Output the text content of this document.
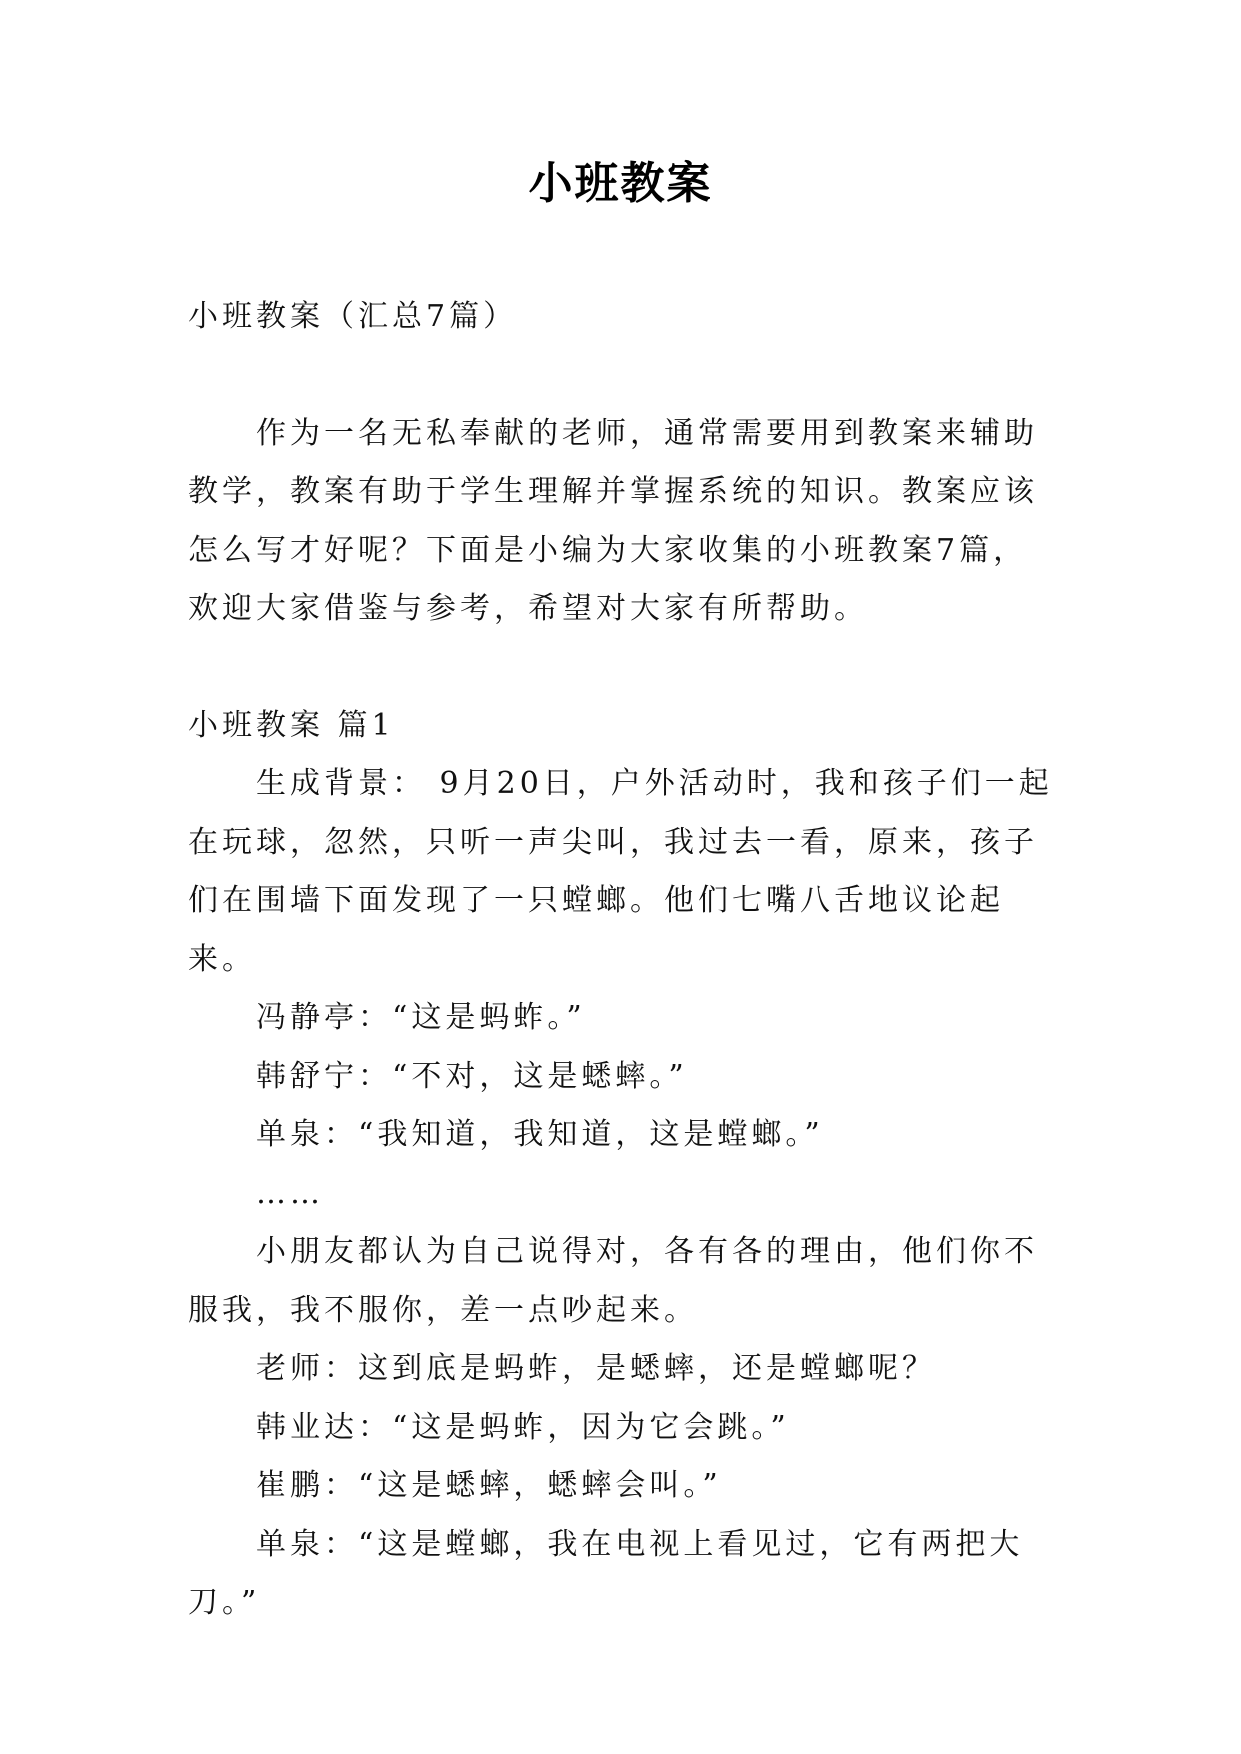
小班教案

小班教案（汇总7篇）

作为一名无私奉献的老师，通常需要用到教案来辅助教学，教案有助于学生理解并掌握系统的知识。教案应该怎么写才好呢？下面是小编为大家收集的小班教案7篇，欢迎大家借鉴与参考，希望对大家有所帮助。

小班教案 篇1

生成背景： 9月20日，户外活动时，我和孩子们一起在玩球，忽然，只听一声尖叫，我过去一看，原来，孩子们在围墙下面发现了一只螳螂。他们七嘴八舌地议论起来。

冯静亭：“这是蚂蚱。”

韩舒宁：“不对，这是蟋蟀。”

单泉：“我知道，我知道，这是螳螂。”

……

小朋友都认为自己说得对，各有各的理由，他们你不服我，我不服你，差一点吵起来。

老师：这到底是蚂蚱，是蟋蟀，还是螳螂呢？

韩业达：“这是蚂蚱，因为它会跳。”

崔鹏：“这是蟋蟀，蟋蟀会叫。”

单泉：“这是螳螂，我在电视上看见过，它有两把大刀。”
